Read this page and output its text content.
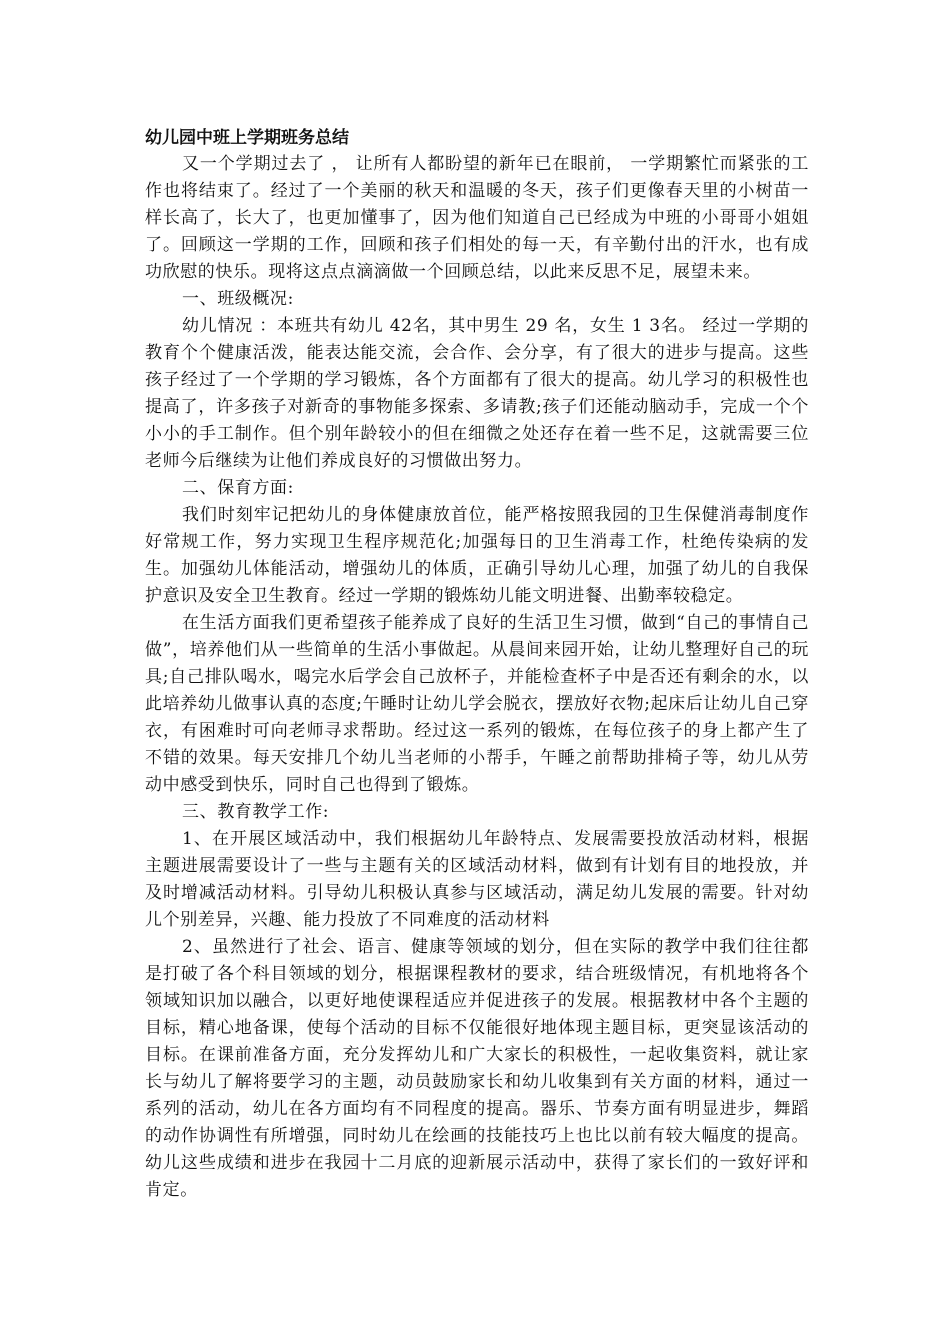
幼儿园中班上学期班务总结

又一个学期过去了 ， 让所有人都盼望的新年已在眼前， 一学期繁忙而紧张的工作也将结束了。经过了一个美丽的秋天和温暖的冬天，孩子们更像春天里的小树苗一样长高了，长大了，也更加懂事了，因为他们知道自己已经成为中班的小哥哥小姐姐了。回顾这一学期的工作，回顾和孩子们相处的每一天，有辛勤付出的汗水，也有成功欣慰的快乐。现将这点点滴滴做一个回顾总结，以此来反思不足，展望未来。

一、班级概况:

幼儿情况 ：本班共有幼儿 42名，其中男生 29 名，女生 1 3名。 经过一学期的教育个个健康活泼，能表达能交流，会合作、会分享，有了很大的进步与提高。这些孩子经过了一个学期的学习锻炼，各个方面都有了很大的提高。幼儿学习的积极性也提高了，许多孩子对新奇的事物能多探索、多请教;孩子们还能动脑动手，完成一个个小小的手工制作。但个别年龄较小的但在细微之处还存在着一些不足，这就需要三位老师今后继续为让他们养成良好的习惯做出努力。

二、保育方面:

我们时刻牢记把幼儿的身体健康放首位，能严格按照我园的卫生保健消毒制度作好常规工作，努力实现卫生程序规范化;加强每日的卫生消毒工作，杜绝传染病的发生。加强幼儿体能活动，增强幼儿的体质，正确引导幼儿心理，加强了幼儿的自我保护意识及安全卫生教育。经过一学期的锻炼幼儿能文明进餐、出勤率较稳定。

在生活方面我们更希望孩子能养成了良好的生活卫生习惯，做到“自己的事情自己做”，培养他们从一些简单的生活小事做起。从晨间来园开始，让幼儿整理好自己的玩具;自己排队喝水，喝完水后学会自己放杯子，并能检查杯子中是否还有剩余的水，以此培养幼儿做事认真的态度;午睡时让幼儿学会脱衣，摆放好衣物;起床后让幼儿自己穿衣，有困难时可向老师寻求帮助。经过这一系列的锻炼，在每位孩子的身上都产生了不错的效果。每天安排几个幼儿当老师的小帮手，午睡之前帮助排椅子等，幼儿从劳动中感受到快乐，同时自己也得到了锻炼。

三、教育教学工作:

1、在开展区域活动中，我们根据幼儿年龄特点、发展需要投放活动材料，根据主题进展需要设计了一些与主题有关的区域活动材料，做到有计划有目的地投放，并及时增减活动材料。引导幼儿积极认真参与区域活动，满足幼儿发展的需要。针对幼儿个别差异，兴趣、能力投放了不同难度的活动材料

2、虽然进行了社会、语言、健康等领域的划分，但在实际的教学中我们往往都是打破了各个科目领域的划分，根据课程教材的要求，结合班级情况，有机地将各个领域知识加以融合，以更好地使课程适应并促进孩子的发展。根据教材中各个主题的目标，精心地备课，使每个活动的目标不仅能很好地体现主题目标，更突显该活动的目标。在课前准备方面，充分发挥幼儿和广大家长的积极性，一起收集资料，就让家长与幼儿了解将要学习的主题，动员鼓励家长和幼儿收集到有关方面的材料，通过一系列的活动，幼儿在各方面均有不同程度的提高。器乐、节奏方面有明显进步，舞蹈的动作协调性有所增强，同时幼儿在绘画的技能技巧上也比以前有较大幅度的提高。幼儿这些成绩和进步在我园十二月底的迎新展示活动中，获得了家长们的一致好评和肯定。
